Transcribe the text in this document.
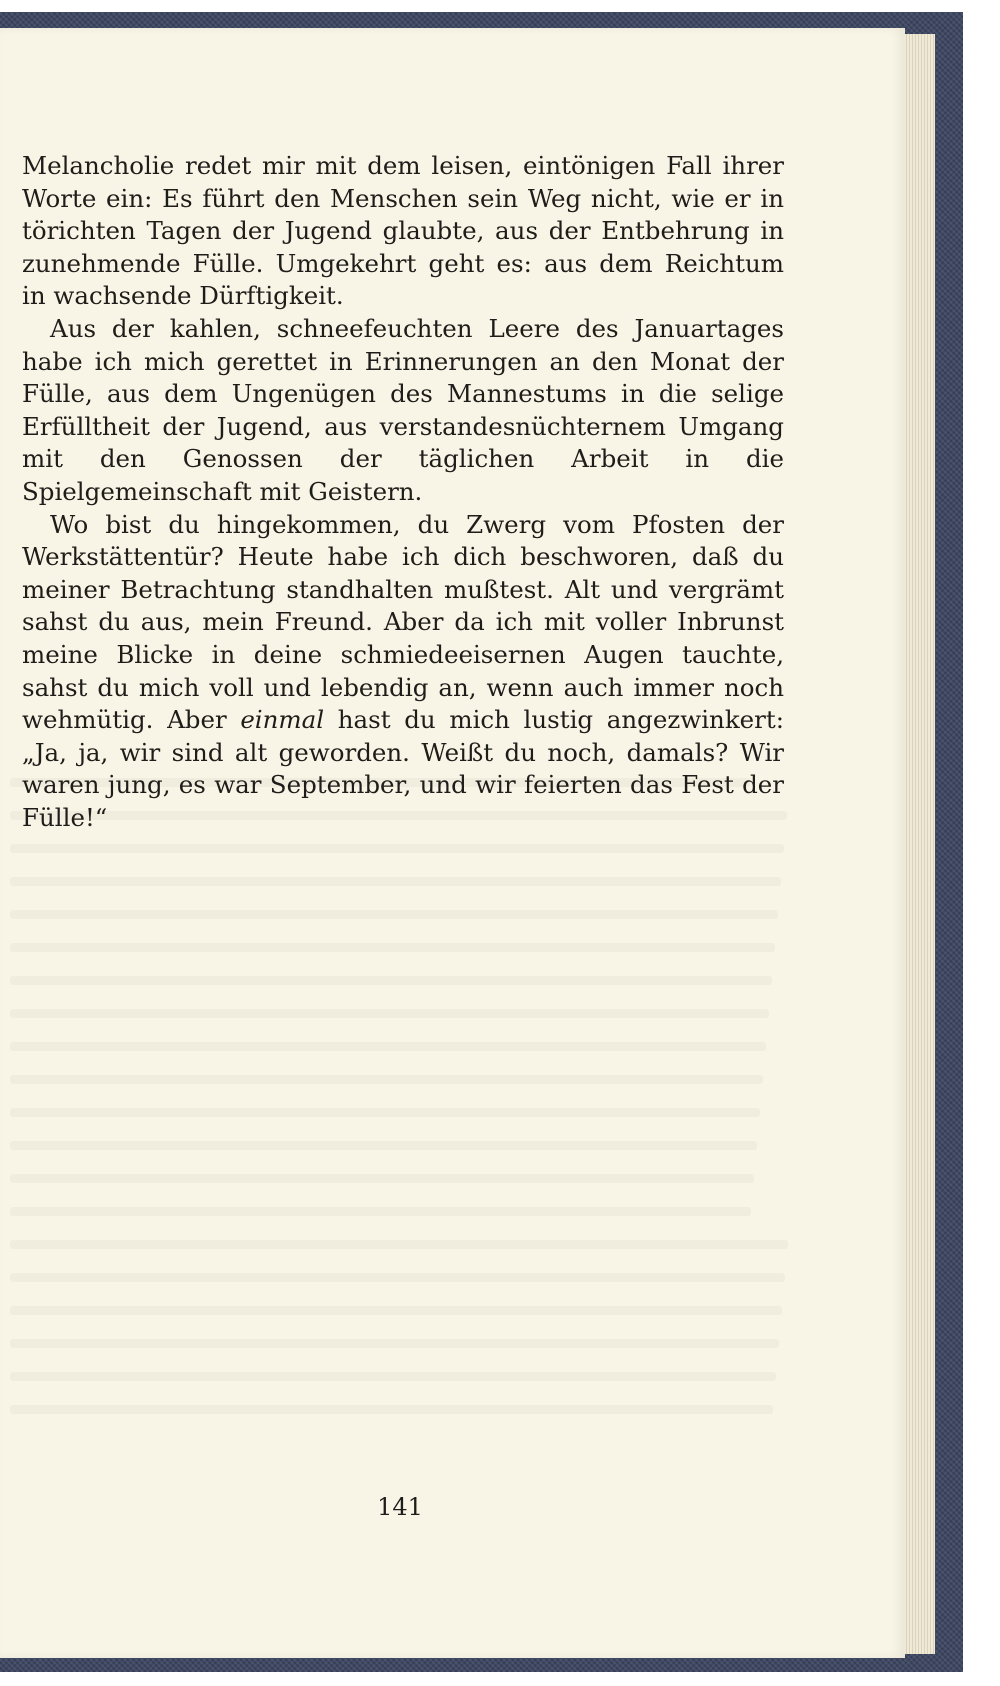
Melancholie redet mir mit dem leisen, eintönigen Fall ihrer Worte ein: Es führt den Menschen sein Weg nicht, wie er in törichten Tagen der Jugend glaubte, aus der Entbehrung in zunehmende Fülle. Umgekehrt geht es: aus dem Reichtum in wachsende Dürftigkeit.

Aus der kahlen, schneefeuchten Leere des Januartages habe ich mich gerettet in Erinnerungen an den Monat der Fülle, aus dem Ungenügen des Mannestums in die selige Erfülltheit der Jugend, aus verstandesnüchternem Umgang mit den Genossen der täglichen Arbeit in die Spielgemeinschaft mit Geistern.

Wo bist du hingekommen, du Zwerg vom Pfosten der Werkstättentür? Heute habe ich dich beschworen, daß du meiner Betrachtung standhalten mußtest. Alt und vergrämt sahst du aus, mein Freund. Aber da ich mit voller Inbrunst meine Blicke in deine schmiedeeisernen Augen tauchte, sahst du mich voll und lebendig an, wenn auch immer noch wehmütig. Aber einmal hast du mich lustig angezwinkert: „Ja, ja, wir sind alt geworden. Weißt du noch, damals? Wir waren jung, es war September, und wir feierten das Fest der Fülle!“

141
